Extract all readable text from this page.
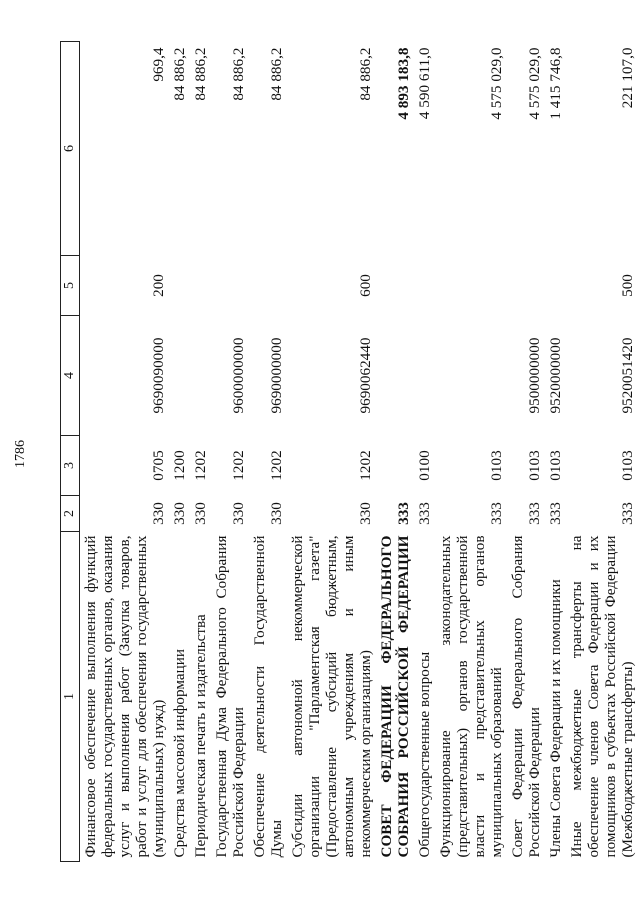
1786
1	2	3	4	5	6
Финансовое обеспечение выполнения функций федеральных государственных органов, оказания услуг и выполнения работ (Закупка товаров, работ и услуг для обеспечения государственных (муниципальных) нужд)	330	0705	9690090000	200	969,4
Средства массовой информации	330	1200			84 886,2
Периодическая печать и издательства	330	1202			84 886,2
Государственная Дума Федерального Собрания Российской Федерации	330	1202	9600000000		84 886,2
Обеспечение деятельности Государственной Думы	330	1202	9690000000		84 886,2
Субсидии автономной некоммерческой организации "Парламентская газета" (Предоставление субсидий бюджетным, автономным учреждениям и иным некоммерческим организациям)	330	1202	9690062440	600	84 886,2
СОВЕТ ФЕДЕРАЦИИ ФЕДЕРАЛЬНОГО СОБРАНИЯ РОССИЙСКОЙ ФЕДЕРАЦИИ	333				4 893 183,8
Общегосударственные вопросы	333	0100			4 590 611,0
Функционирование законодательных (представительных) органов государственной власти и представительных органов муниципальных образований	333	0103			4 575 029,0
Совет Федерации Федерального Собрания Российской Федерации	333	0103	9500000000		4 575 029,0
Члены Совета Федерации и их помощники	333	0103	9520000000		1 415 746,8
Иные межбюджетные трансферты на обеспечение членов Совета Федерации и их помощников в субъектах Российской Федерации (Межбюджетные трансферты)	333	0103	9520051420	500	221 107,0
